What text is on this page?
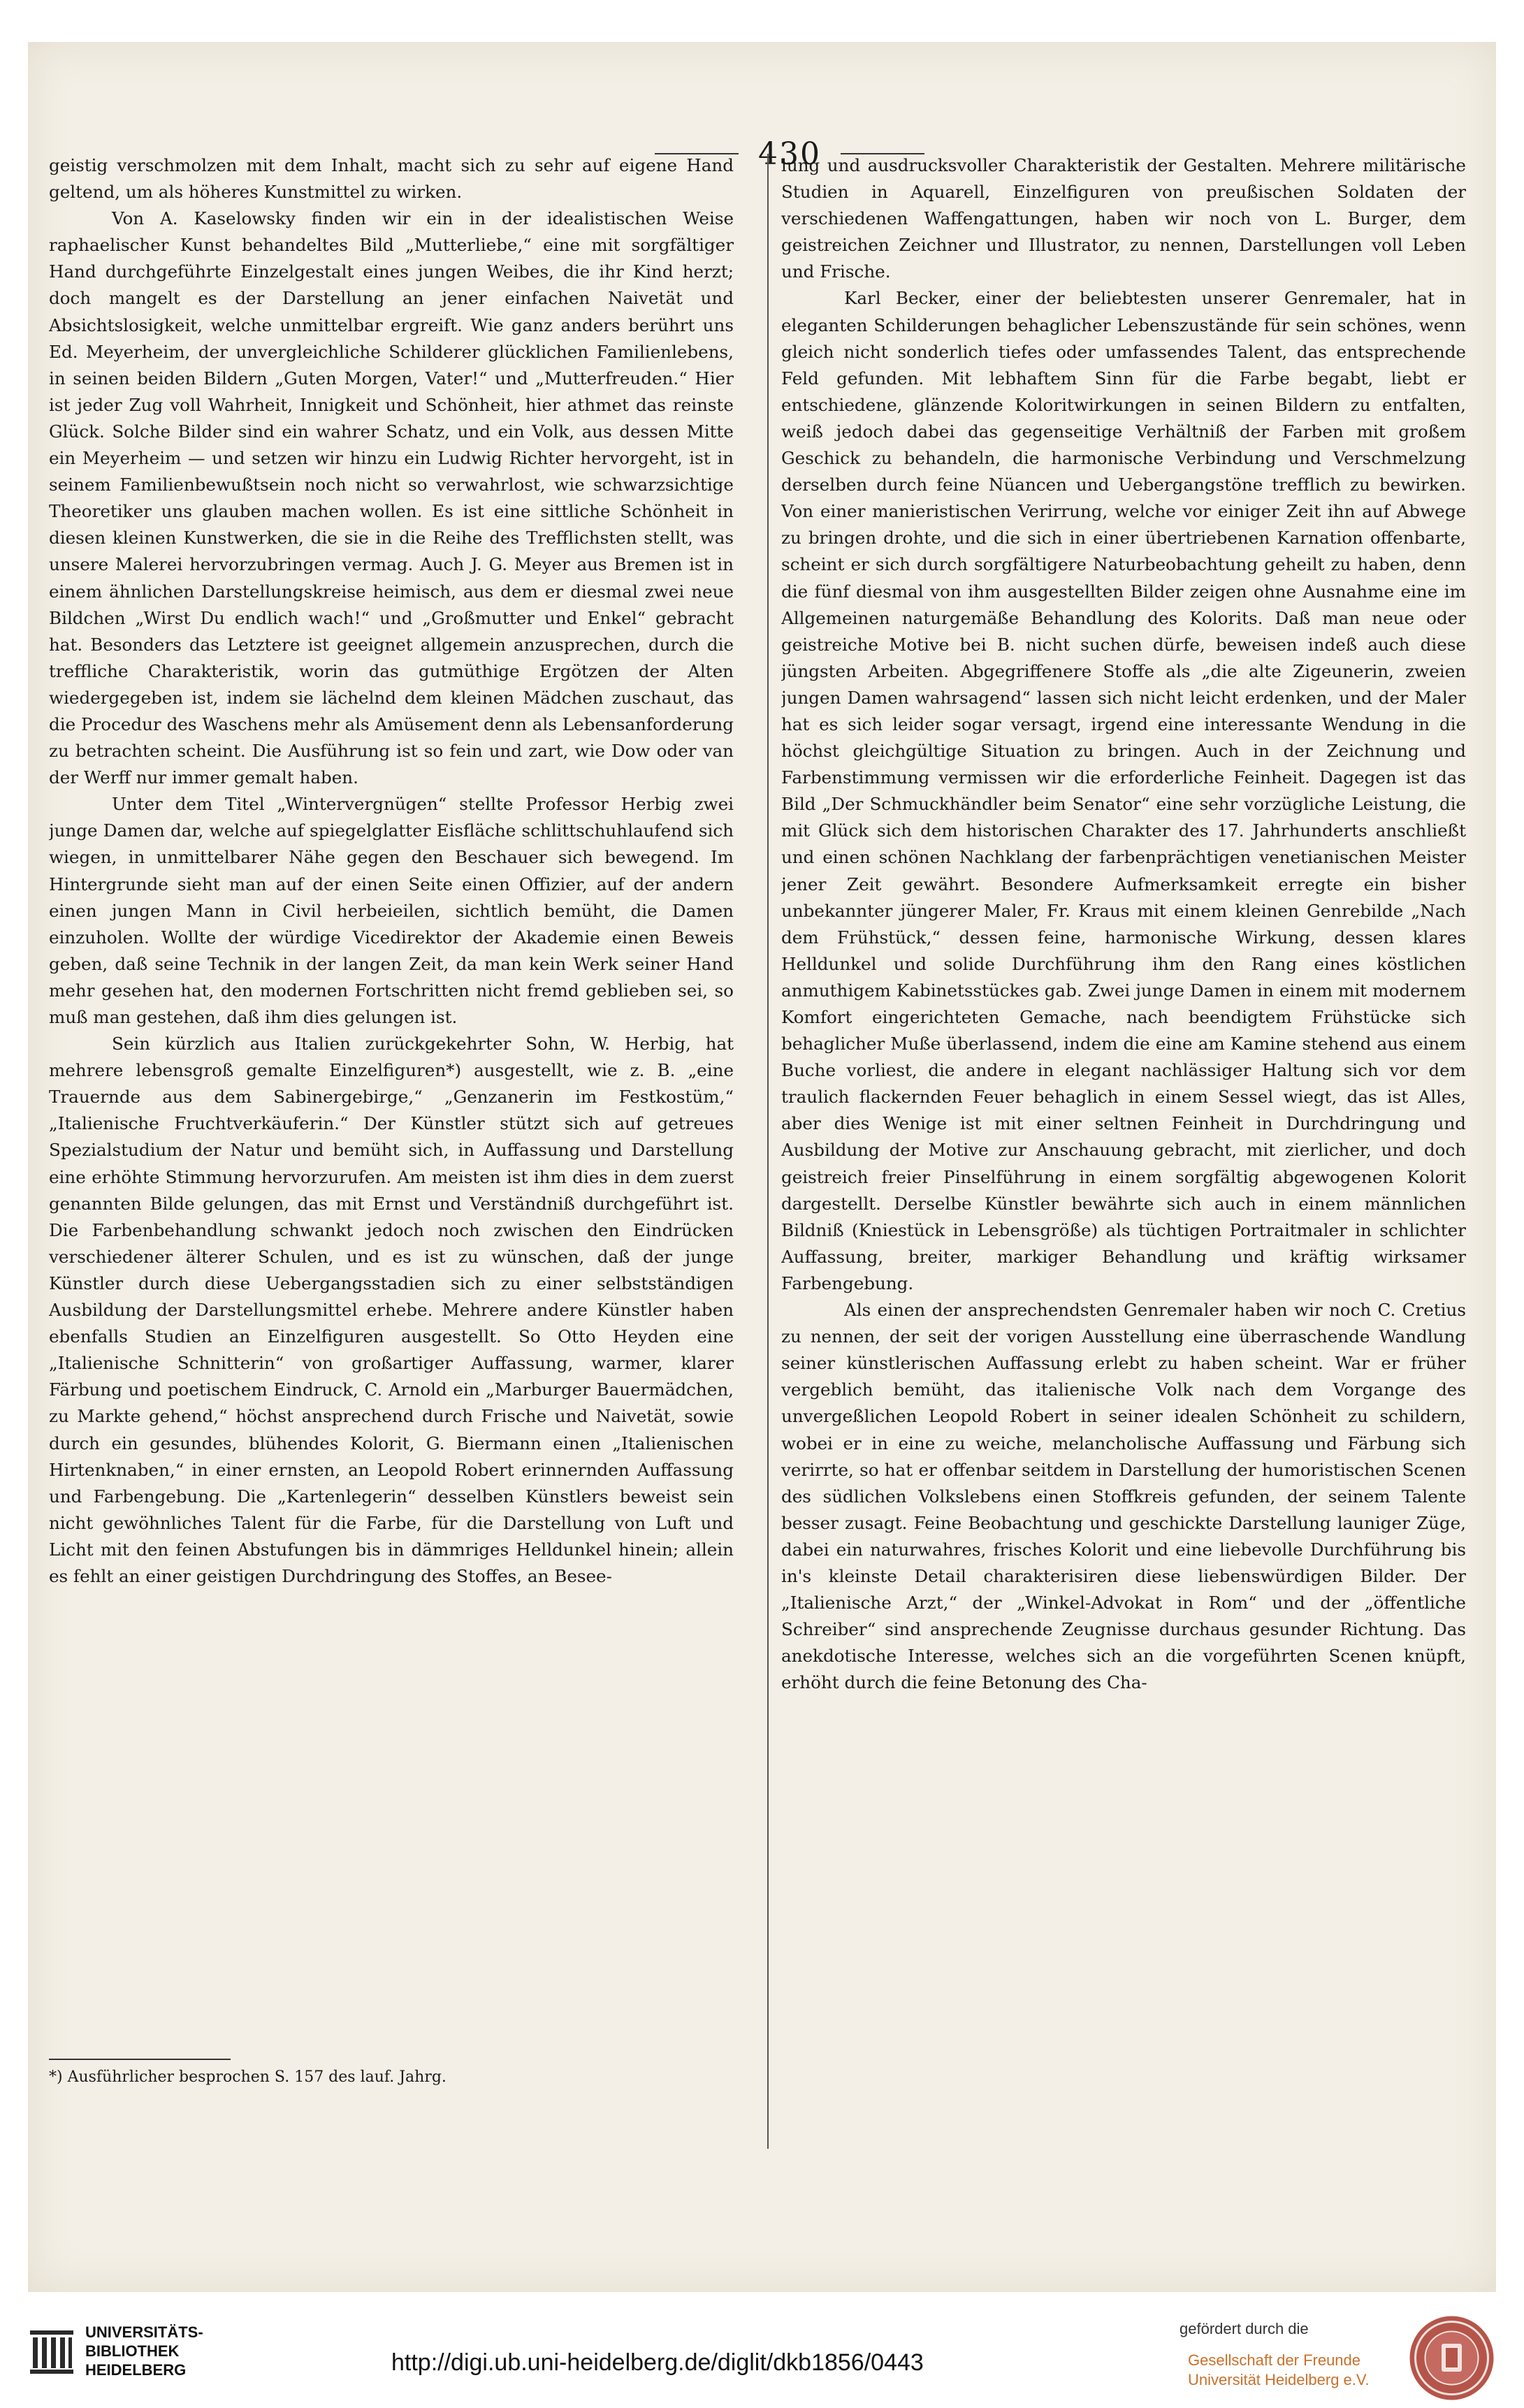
430

geistig verschmolzen mit dem Inhalt, macht sich zu sehr auf eigene Hand geltend, um als höheres Kunstmittel zu wirken.

Von A. Kaselowsky finden wir ein in der idealistischen Weise raphaelischer Kunst behandeltes Bild „Mutterliebe,“ eine mit sorgfältiger Hand durchgeführte Einzelgestalt eines jungen Weibes, die ihr Kind herzt; doch mangelt es der Darstellung an jener einfachen Naivetät und Absichtslosigkeit, welche unmittelbar ergreift. Wie ganz anders berührt uns Ed. Meyerheim, der unvergleichliche Schilderer glücklichen Familienlebens, in seinen beiden Bildern „Guten Morgen, Vater!“ und „Mutterfreuden.“ Hier ist jeder Zug voll Wahrheit, Innigkeit und Schönheit, hier athmet das reinste Glück. Solche Bilder sind ein wahrer Schatz, und ein Volk, aus dessen Mitte ein Meyerheim — und setzen wir hinzu ein Ludwig Richter hervorgeht, ist in seinem Familienbewußtsein noch nicht so verwahrlost, wie schwarzsichtige Theoretiker uns glauben machen wollen. Es ist eine sittliche Schönheit in diesen kleinen Kunstwerken, die sie in die Reihe des Trefflichsten stellt, was unsere Malerei hervorzubringen vermag. Auch J. G. Meyer aus Bremen ist in einem ähnlichen Darstellungskreise heimisch, aus dem er diesmal zwei neue Bildchen „Wirst Du endlich wach!“ und „Großmutter und Enkel“ gebracht hat. Besonders das Letztere ist geeignet allgemein anzusprechen, durch die treffliche Charakteristik, worin das gutmüthige Ergötzen der Alten wiedergegeben ist, indem sie lächelnd dem kleinen Mädchen zuschaut, das die Procedur des Waschens mehr als Amüsement denn als Lebensanforderung zu betrachten scheint. Die Ausführung ist so fein und zart, wie Dow oder van der Werff nur immer gemalt haben.

Unter dem Titel „Wintervergnügen“ stellte Professor Herbig zwei junge Damen dar, welche auf spiegelglatter Eisfläche schlittschuhlaufend sich wiegen, in unmittelbarer Nähe gegen den Beschauer sich bewegend. Im Hintergrunde sieht man auf der einen Seite einen Offizier, auf der andern einen jungen Mann in Civil herbeieilen, sichtlich bemüht, die Damen einzuholen. Wollte der würdige Vicedirektor der Akademie einen Beweis geben, daß seine Technik in der langen Zeit, da man kein Werk seiner Hand mehr gesehen hat, den modernen Fortschritten nicht fremd geblieben sei, so muß man gestehen, daß ihm dies gelungen ist.

Sein kürzlich aus Italien zurückgekehrter Sohn, W. Herbig, hat mehrere lebensgroß gemalte Einzelfiguren*) ausgestellt, wie z. B. „eine Trauernde aus dem Sabinergebirge,“ „Genzanerin im Festkostüm,“ „Italienische Fruchtverkäuferin.“ Der Künstler stützt sich auf getreues Spezialstudium der Natur und bemüht sich, in Auffassung und Darstellung eine erhöhte Stimmung hervorzurufen. Am meisten ist ihm dies in dem zuerst genannten Bilde gelungen, das mit Ernst und Verständniß durchgeführt ist. Die Farbenbehandlung schwankt jedoch noch zwischen den Eindrücken verschiedener älterer Schulen, und es ist zu wünschen, daß der junge Künstler durch diese Uebergangsstadien sich zu einer selbstständigen Ausbildung der Darstellungsmittel erhebe. Mehrere andere Künstler haben ebenfalls Studien an Einzelfiguren ausgestellt. So Otto Heyden eine „Italienische Schnitterin“ von großartiger Auffassung, warmer, klarer Färbung und poetischem Eindruck, C. Arnold ein „Marburger Bauermädchen, zu Markte gehend,“ höchst ansprechend durch Frische und Naivetät, sowie durch ein gesundes, blühendes Kolorit, G. Biermann einen „Italienischen Hirtenknaben,“ in einer ernsten, an Leopold Robert erinnernden Auffassung und Farbengebung. Die „Kartenlegerin“ desselben Künstlers beweist sein nicht gewöhnliches Talent für die Farbe, für die Darstellung von Luft und Licht mit den feinen Abstufungen bis in dämmriges Helldunkel hinein; allein es fehlt an einer geistigen Durchdringung des Stoffes, an Besee-

lung und ausdrucksvoller Charakteristik der Gestalten. Mehrere militärische Studien in Aquarell, Einzelfiguren von preußischen Soldaten der verschiedenen Waffengattungen, haben wir noch von L. Burger, dem geistreichen Zeichner und Illustrator, zu nennen, Darstellungen voll Leben und Frische.

Karl Becker, einer der beliebtesten unserer Genremaler, hat in eleganten Schilderungen behaglicher Lebenszustände für sein schönes, wenn gleich nicht sonderlich tiefes oder umfassendes Talent, das entsprechende Feld gefunden. Mit lebhaftem Sinn für die Farbe begabt, liebt er entschiedene, glänzende Koloritwirkungen in seinen Bildern zu entfalten, weiß jedoch dabei das gegenseitige Verhältniß der Farben mit großem Geschick zu behandeln, die harmonische Verbindung und Verschmelzung derselben durch feine Nüancen und Uebergangstöne trefflich zu bewirken. Von einer manieristischen Verirrung, welche vor einiger Zeit ihn auf Abwege zu bringen drohte, und die sich in einer übertriebenen Karnation offenbarte, scheint er sich durch sorgfältigere Naturbeobachtung geheilt zu haben, denn die fünf diesmal von ihm ausgestellten Bilder zeigen ohne Ausnahme eine im Allgemeinen naturgemäße Behandlung des Kolorits. Daß man neue oder geistreiche Motive bei B. nicht suchen dürfe, beweisen indeß auch diese jüngsten Arbeiten. Abgegriffenere Stoffe als „die alte Zigeunerin, zweien jungen Damen wahrsagend“ lassen sich nicht leicht erdenken, und der Maler hat es sich leider sogar versagt, irgend eine interessante Wendung in die höchst gleichgültige Situation zu bringen. Auch in der Zeichnung und Farbenstimmung vermissen wir die erforderliche Feinheit. Dagegen ist das Bild „Der Schmuckhändler beim Senator“ eine sehr vorzügliche Leistung, die mit Glück sich dem historischen Charakter des 17. Jahrhunderts anschließt und einen schönen Nachklang der farbenprächtigen venetianischen Meister jener Zeit gewährt. Besondere Aufmerksamkeit erregte ein bisher unbekannter jüngerer Maler, Fr. Kraus mit einem kleinen Genrebilde „Nach dem Frühstück,“ dessen feine, harmonische Wirkung, dessen klares Helldunkel und solide Durchführung ihm den Rang eines köstlichen anmuthigem Kabinetsstückes gab. Zwei junge Damen in einem mit modernem Komfort eingerichteten Gemache, nach beendigtem Frühstücke sich behaglicher Muße überlassend, indem die eine am Kamine stehend aus einem Buche vorliest, die andere in elegant nachlässiger Haltung sich vor dem traulich flackernden Feuer behaglich in einem Sessel wiegt, das ist Alles, aber dies Wenige ist mit einer seltnen Feinheit in Durchdringung und Ausbildung der Motive zur Anschauung gebracht, mit zierlicher, und doch geistreich freier Pinselführung in einem sorgfältig abgewogenen Kolorit dargestellt. Derselbe Künstler bewährte sich auch in einem männlichen Bildniß (Kniestück in Lebensgröße) als tüchtigen Portraitmaler in schlichter Auffassung, breiter, markiger Behandlung und kräftig wirksamer Farbengebung.

Als einen der ansprechendsten Genremaler haben wir noch C. Cretius zu nennen, der seit der vorigen Ausstellung eine überraschende Wandlung seiner künstlerischen Auffassung erlebt zu haben scheint. War er früher vergeblich bemüht, das italienische Volk nach dem Vorgange des unvergeßlichen Leopold Robert in seiner idealen Schönheit zu schildern, wobei er in eine zu weiche, melancholische Auffassung und Färbung sich verirrte, so hat er offenbar seitdem in Darstellung der humoristischen Scenen des südlichen Volkslebens einen Stoffkreis gefunden, der seinem Talente besser zusagt. Feine Beobachtung und geschickte Darstellung launiger Züge, dabei ein naturwahres, frisches Kolorit und eine liebevolle Durchführung bis in's kleinste Detail charakterisiren diese liebenswürdigen Bilder. Der „Italienische Arzt,“ der „Winkel-Advokat in Rom“ und der „öffentliche Schreiber“ sind ansprechende Zeugnisse durchaus gesunder Richtung. Das anekdotische Interesse, welches sich an die vorgeführten Scenen knüpft, erhöht durch die feine Betonung des Cha-

*) Ausführlicher besprochen S. 157 des lauf. Jahrg.
UNIVERSITÄTS-
BIBLIOTHEK
HEIDELBERG	http://digi.ub.uni-heidelberg.de/diglit/dkb1856/0443
gefördert durch die
Gesellschaft der Freunde
Universität Heidelberg e.V.
